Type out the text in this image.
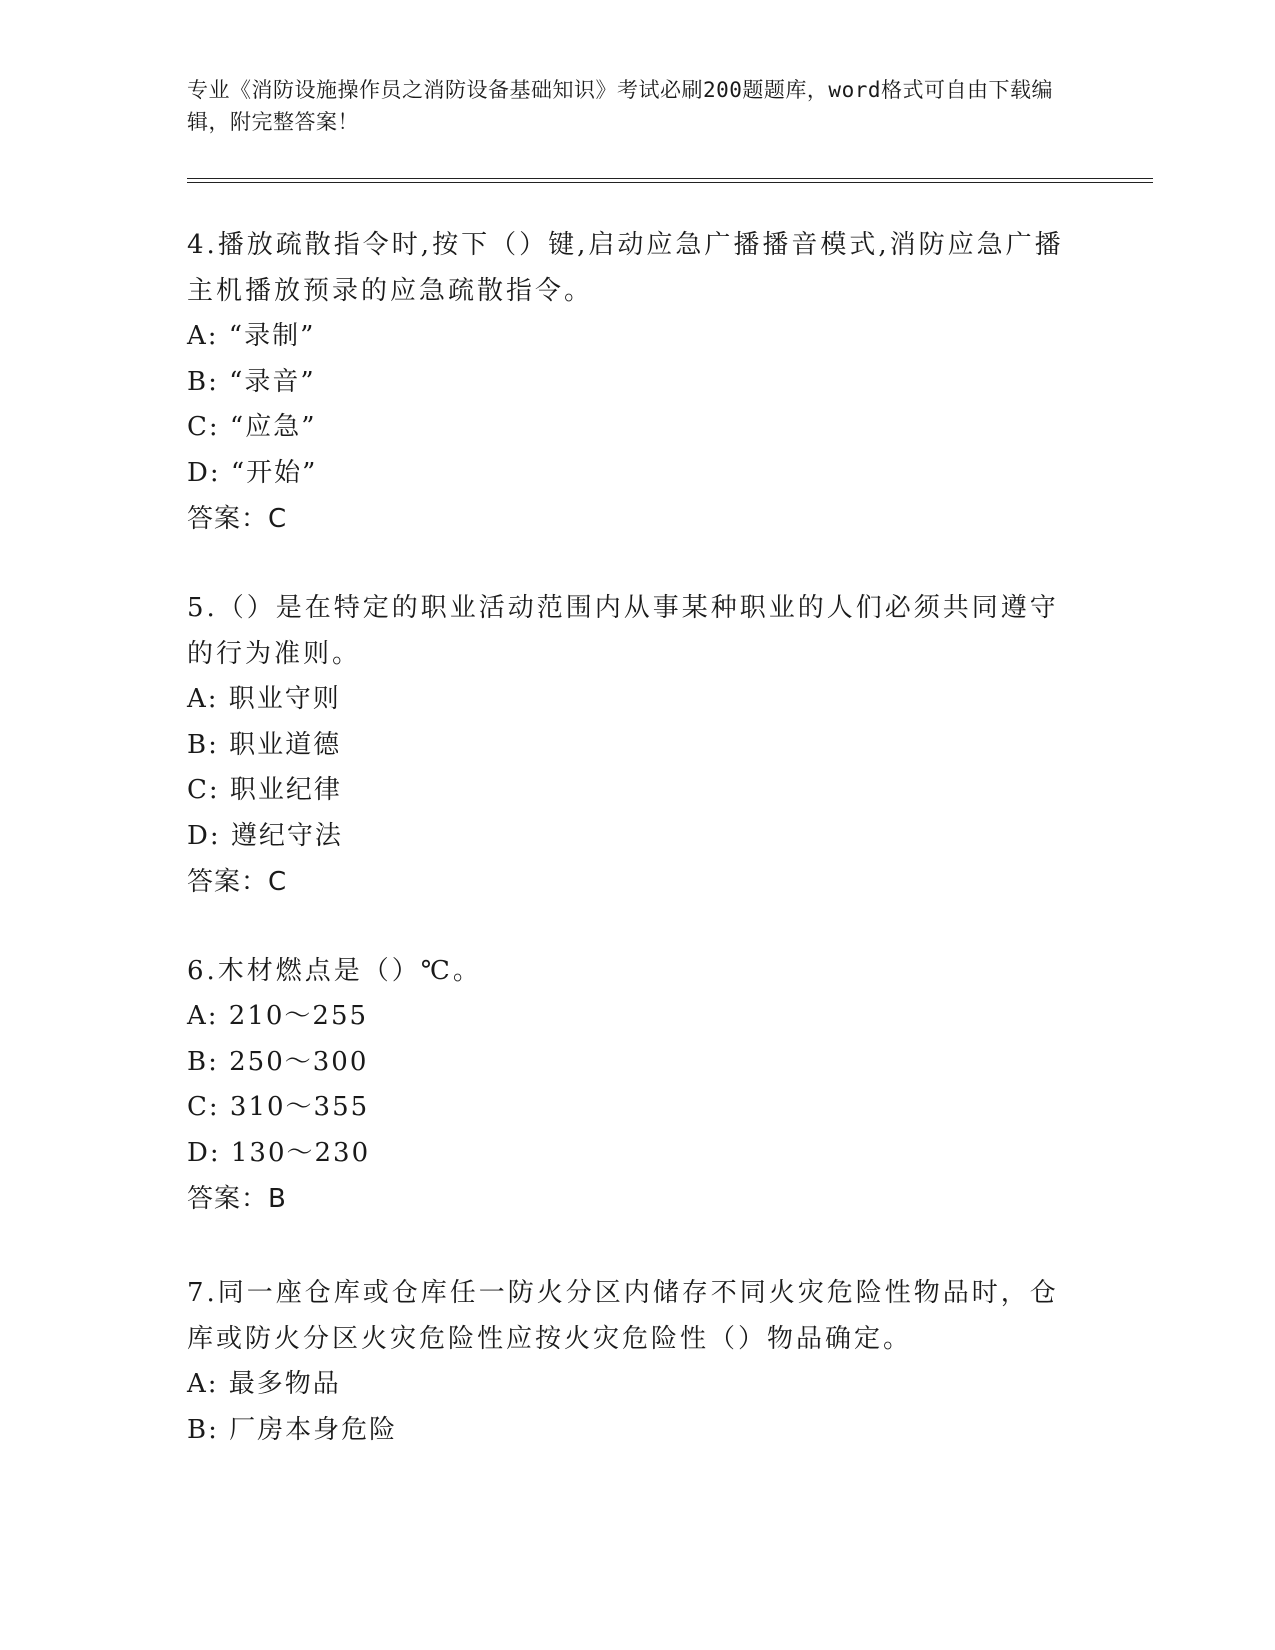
专业《消防设施操作员之消防设备基础知识》考试必刷200题题库，word格式可自由下载编辑，附完整答案！

4.播放疏散指令时,按下（）键,启动应急广播播音模式,消防应急广播主机播放预录的应急疏散指令。

A: “录制”

B: “录音”

C: “应急”

D: “开始”

答案：C

5.（）是在特定的职业活动范围内从事某种职业的人们必须共同遵守的行为准则。

A: 职业守则

B: 职业道德

C: 职业纪律

D: 遵纪守法

答案：C

6.木材燃点是（）℃。

A: 210～255

B: 250～300

C: 310～355

D: 130～230

答案：B

7.同一座仓库或仓库任一防火分区内储存不同火灾危险性物品时，仓库或防火分区火灾危险性应按火灾危险性（）物品确定。

A: 最多物品

B: 厂房本身危险
